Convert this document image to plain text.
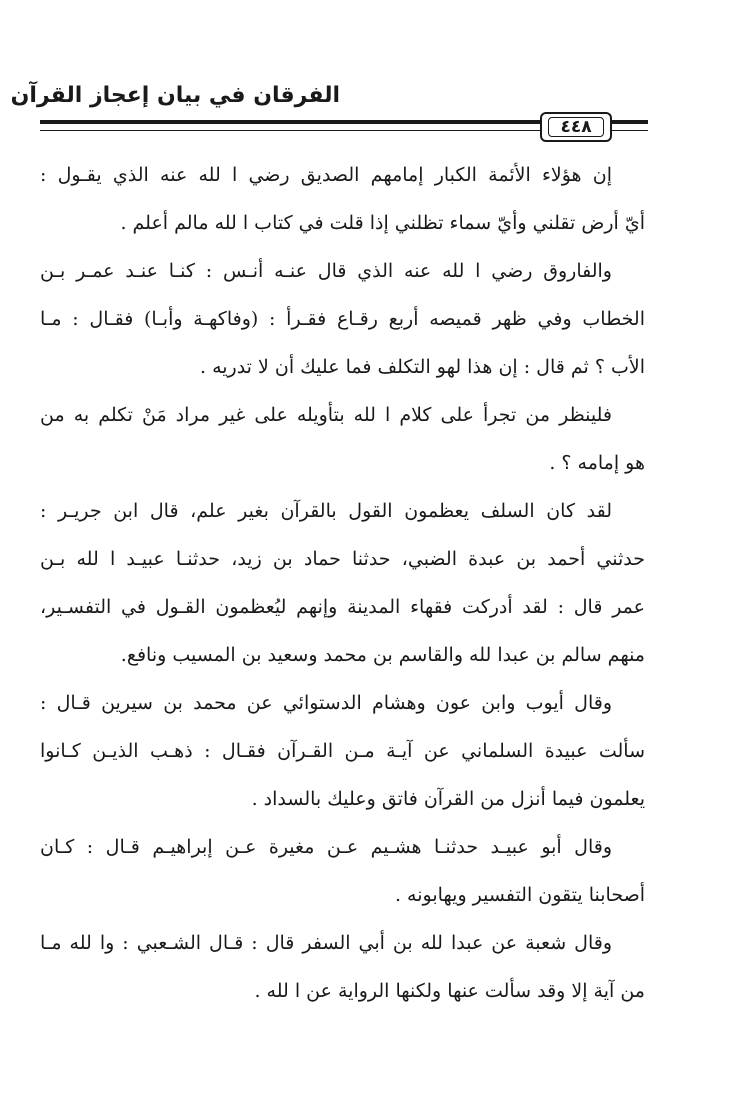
الفرقان في بيان إعجاز القرآن
٤٤٨
إن هؤلاء الأئمة الكبار إمامهم الصديق رضي ا لله عنه الذي يقـول :
أيّ أرض تقلني وأيّ سماء تظلني إذا قلت في كتاب ا لله مالم أعلم .
والفاروق رضي ا لله عنه الذي قال عنـه أنـس : كنـا عنـد عمـر بـن
الخطاب وفي ظهر قميصه أربع رقـاع فقـرأ : (وفاكهـة وأبـا) فقـال : مـا
الأب ؟ ثم قال : إن هذا لهو التكلف فما عليك أن لا تدريه .
فلينظر من تجرأ على كلام ا لله بتأويله على غير مراد مَنْ تكلم به من
هو إمامه ؟ .
لقد كان السلف يعظمون القول بالقرآن بغير علم، قال ابن جريـر :
حدثني أحمد بن عبدة الضبي، حدثنا حماد بن زيد، حدثنـا عبيـد ا لله بـن
عمر قال : لقد أدركت فقهاء المدينة وإنهم ليُعظمون القـول في التفسـير،
منهم سالم بن عبدا لله والقاسم بن محمد وسعيد بن المسيب ونافع.
وقال أيوب وابن عون وهشام الدستوائي عن محمد بن سيرين قـال :
سألت عبيدة السلماني عن آيـة مـن القـرآن فقـال : ذهـب الذيـن كـانوا
يعلمون فيما أنزل من القرآن فاتق وعليك بالسداد .
وقال أبو عبيـد حدثنـا هشـيم عـن مغيرة عـن إبراهيـم قـال : كـان
أصحابنا يتقون التفسير ويهابونه .
وقال شعبة عن عبدا لله بن أبي السفر قال : قـال الشـعبي : وا لله مـا
من آية إلا وقد سألت عنها ولكنها الرواية عن ا لله .
